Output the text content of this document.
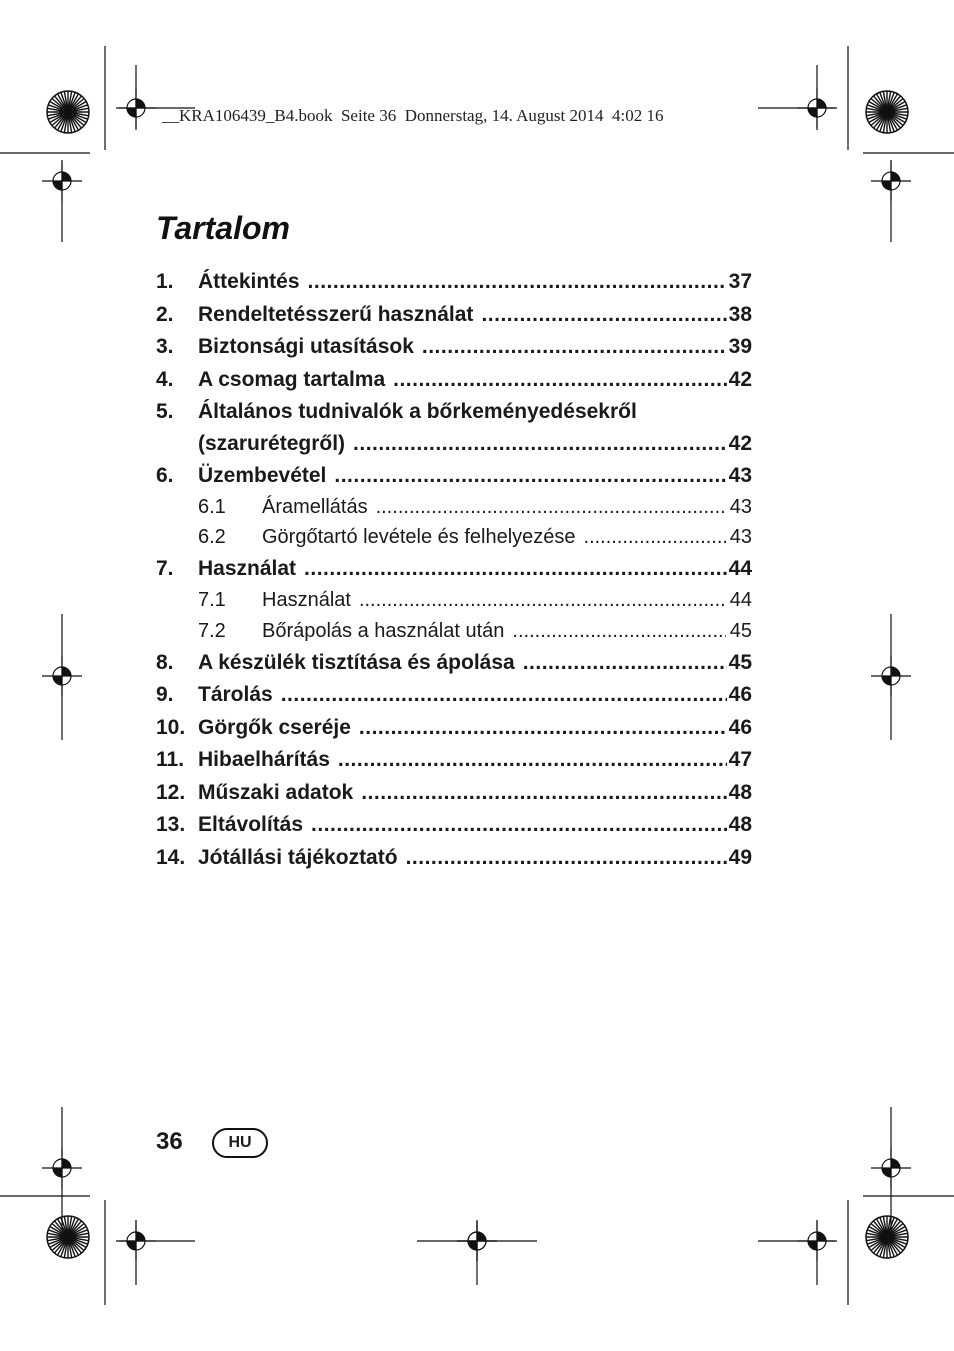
__KRA106439_B4.book  Seite 36  Donnerstag, 14. August 2014  4:02 16
Tartalom
1.	Áttekintés .....	37
2.	Rendeltetésszerű használat .....	38
3.	Biztonsági utasítások .....	39
4.	A csomag tartalma .....	42
5.	Általános tudnivalók a bőrkeményedésekről
(szarurétegről) .....	42
6.	Üzembevétel .....	43
6.1	Áramellátás .....	43
6.2	Görgőtartó levétele és felhelyezése .....	43
7.	Használat .....	44
7.1	Használat .....	44
7.2	Bőrápolás a használat után .....	45
8.	A készülék tisztítása és ápolása .....	45
9.	Tárolás .....	46
10. Görgők cseréje .....	46
11. Hibaelhárítás .....	47
12. Műszaki adatok .....	48
13. Eltávolítás .....	48
14. Jótállási tájékoztató .....	49
36	HU
